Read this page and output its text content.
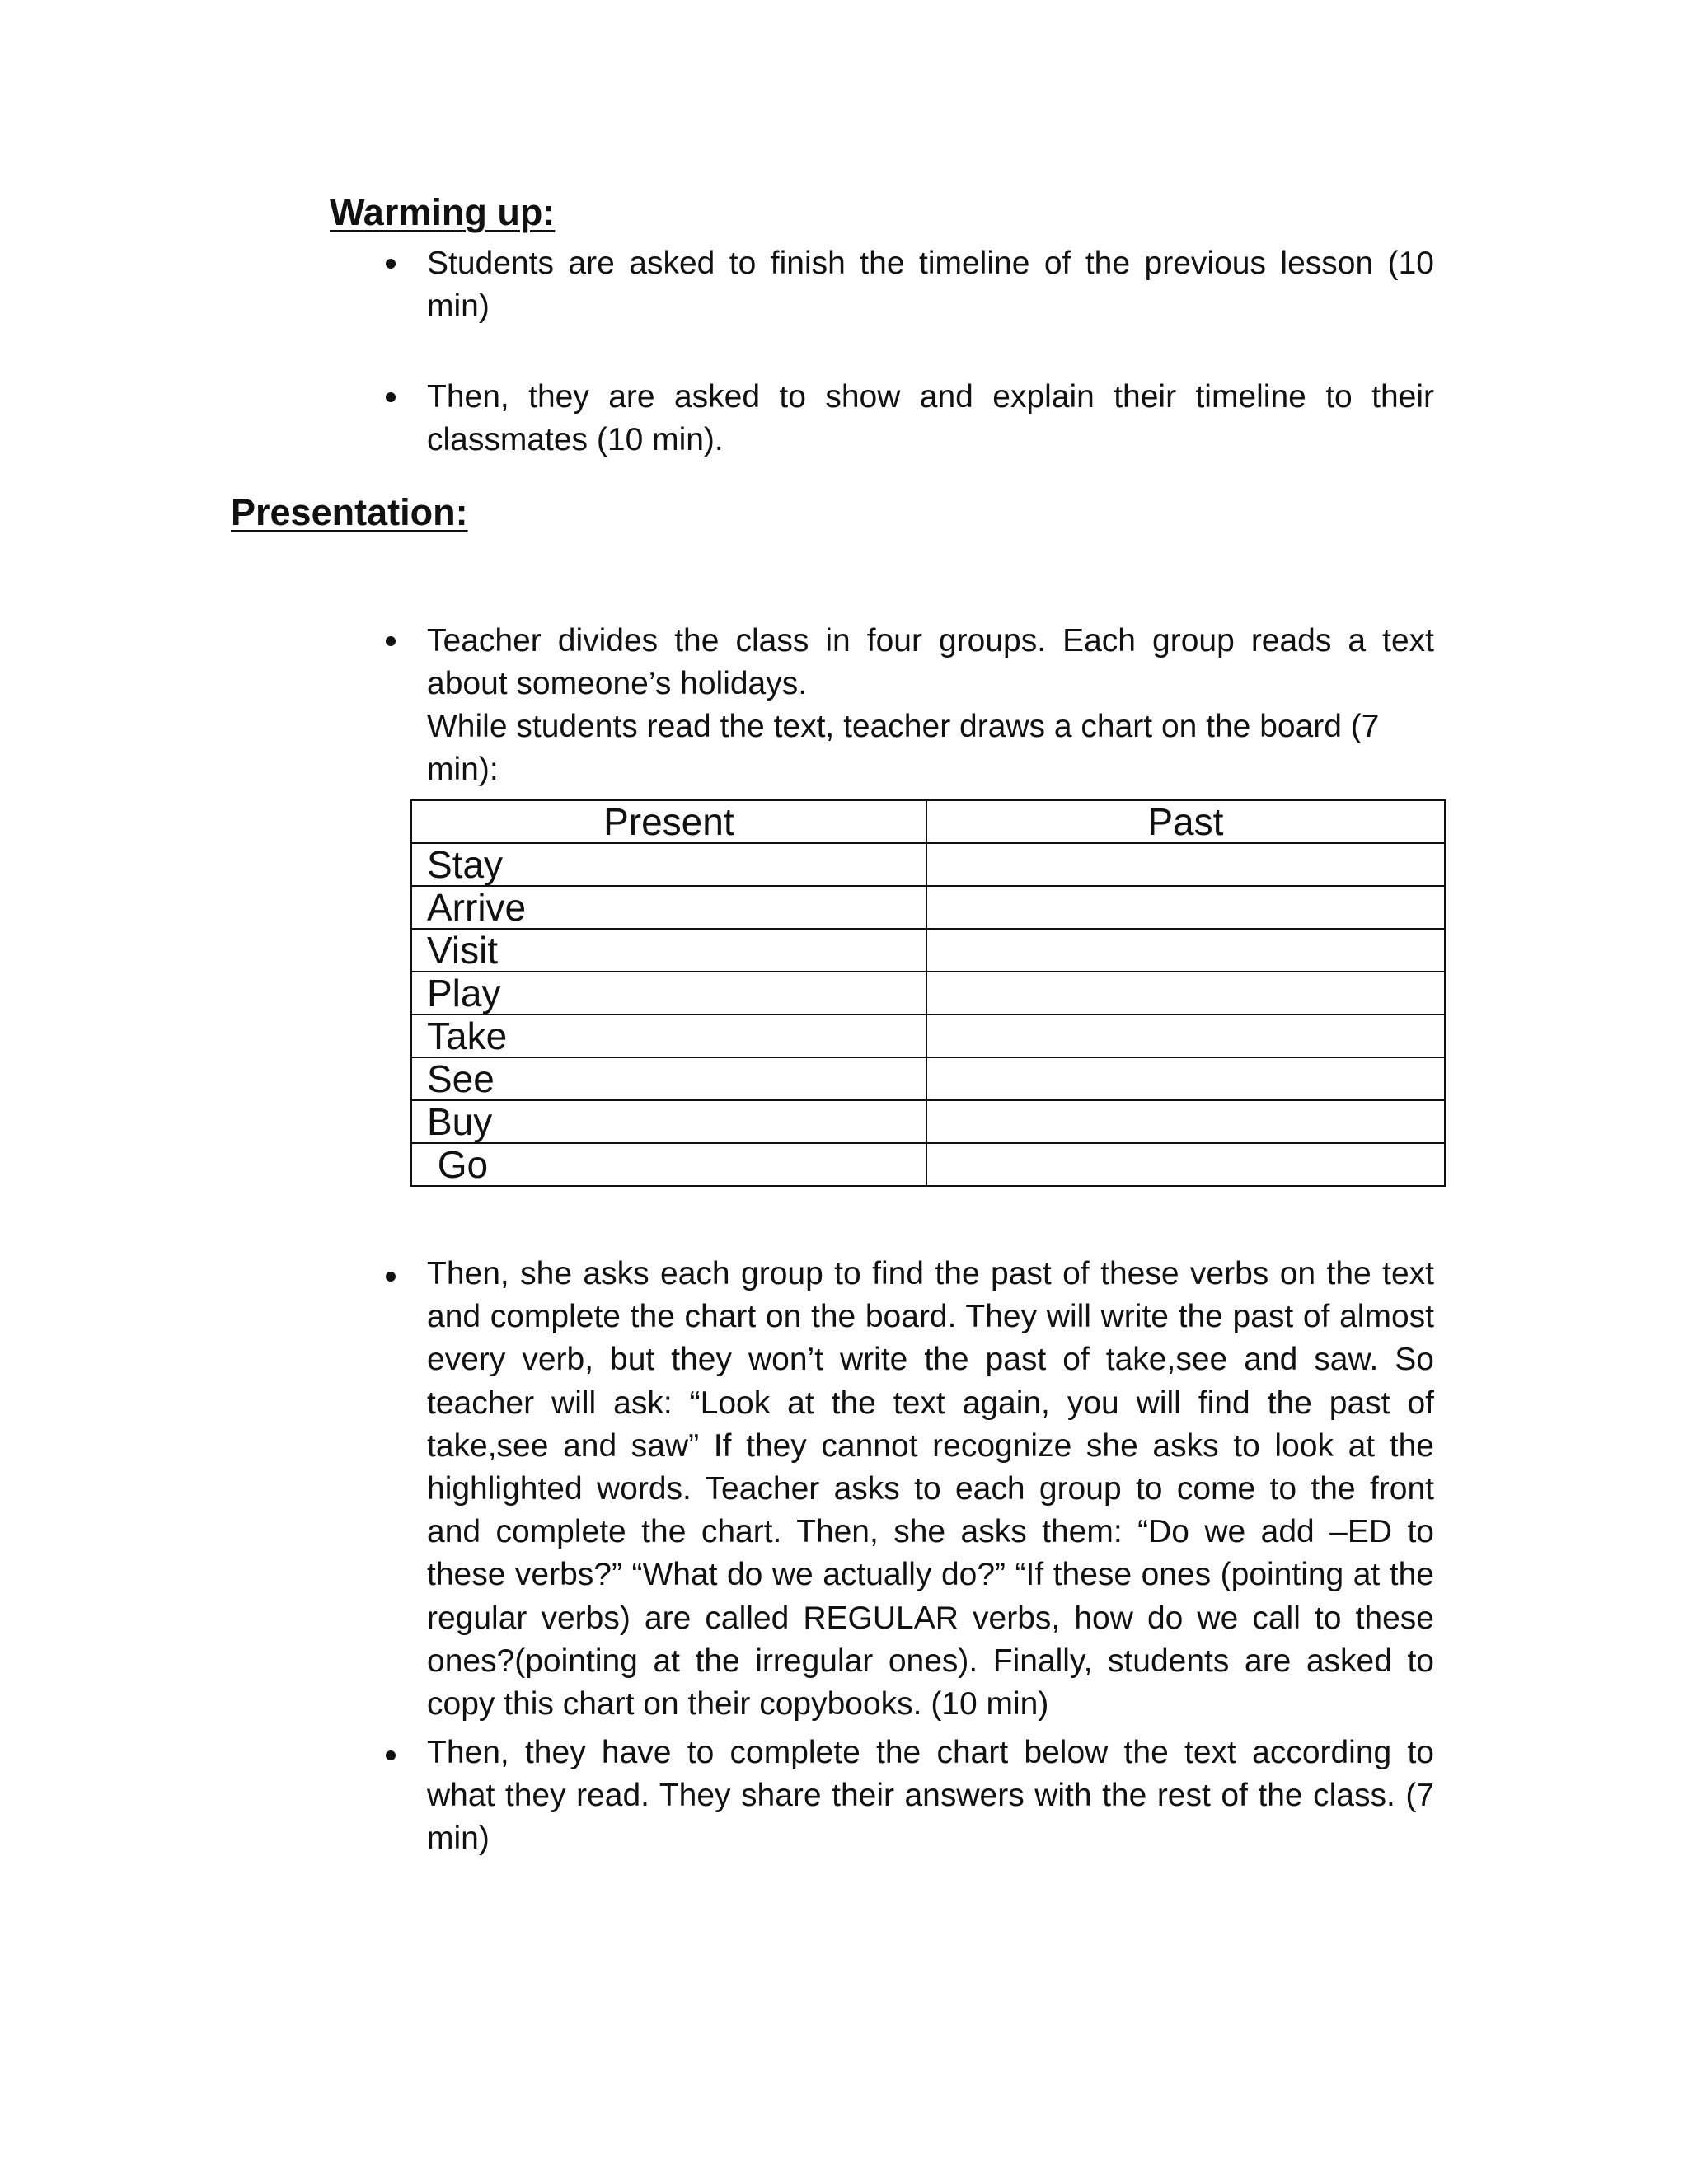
Warming up:

Students are asked to finish the timeline of the previous lesson (10 min)

Then, they are asked to show and explain their timeline to their classmates (10 min).

Presentation:

Teacher divides the class in four groups. Each group reads a text about someone’s holidays.

While students read the text, teacher draws a chart on the board (7 min):

Present	Past
Stay	
Arrive	
Visit	
Play	
Take	
See	
Buy	
Go	

Then, she asks each group to find the past of these verbs on the text and complete the chart on the board. They will write the past of almost every verb, but they won’t write the past of take,see and saw. So teacher will ask: “Look at the text again, you will find the past of take,see and saw” If they cannot recognize she asks to look at the highlighted words. Teacher asks to each group to come to the front and complete the chart. Then, she asks them: “Do we add –ED to these verbs?” “What do we actually do?” “If these ones (pointing at the regular verbs) are called REGULAR verbs, how do we call to these ones?(pointing at the irregular ones). Finally, students are asked to copy this chart on their copybooks. (10 min)

Then, they have to complete the chart below the text according to what they read. They share their answers with the rest of the class. (7 min)
